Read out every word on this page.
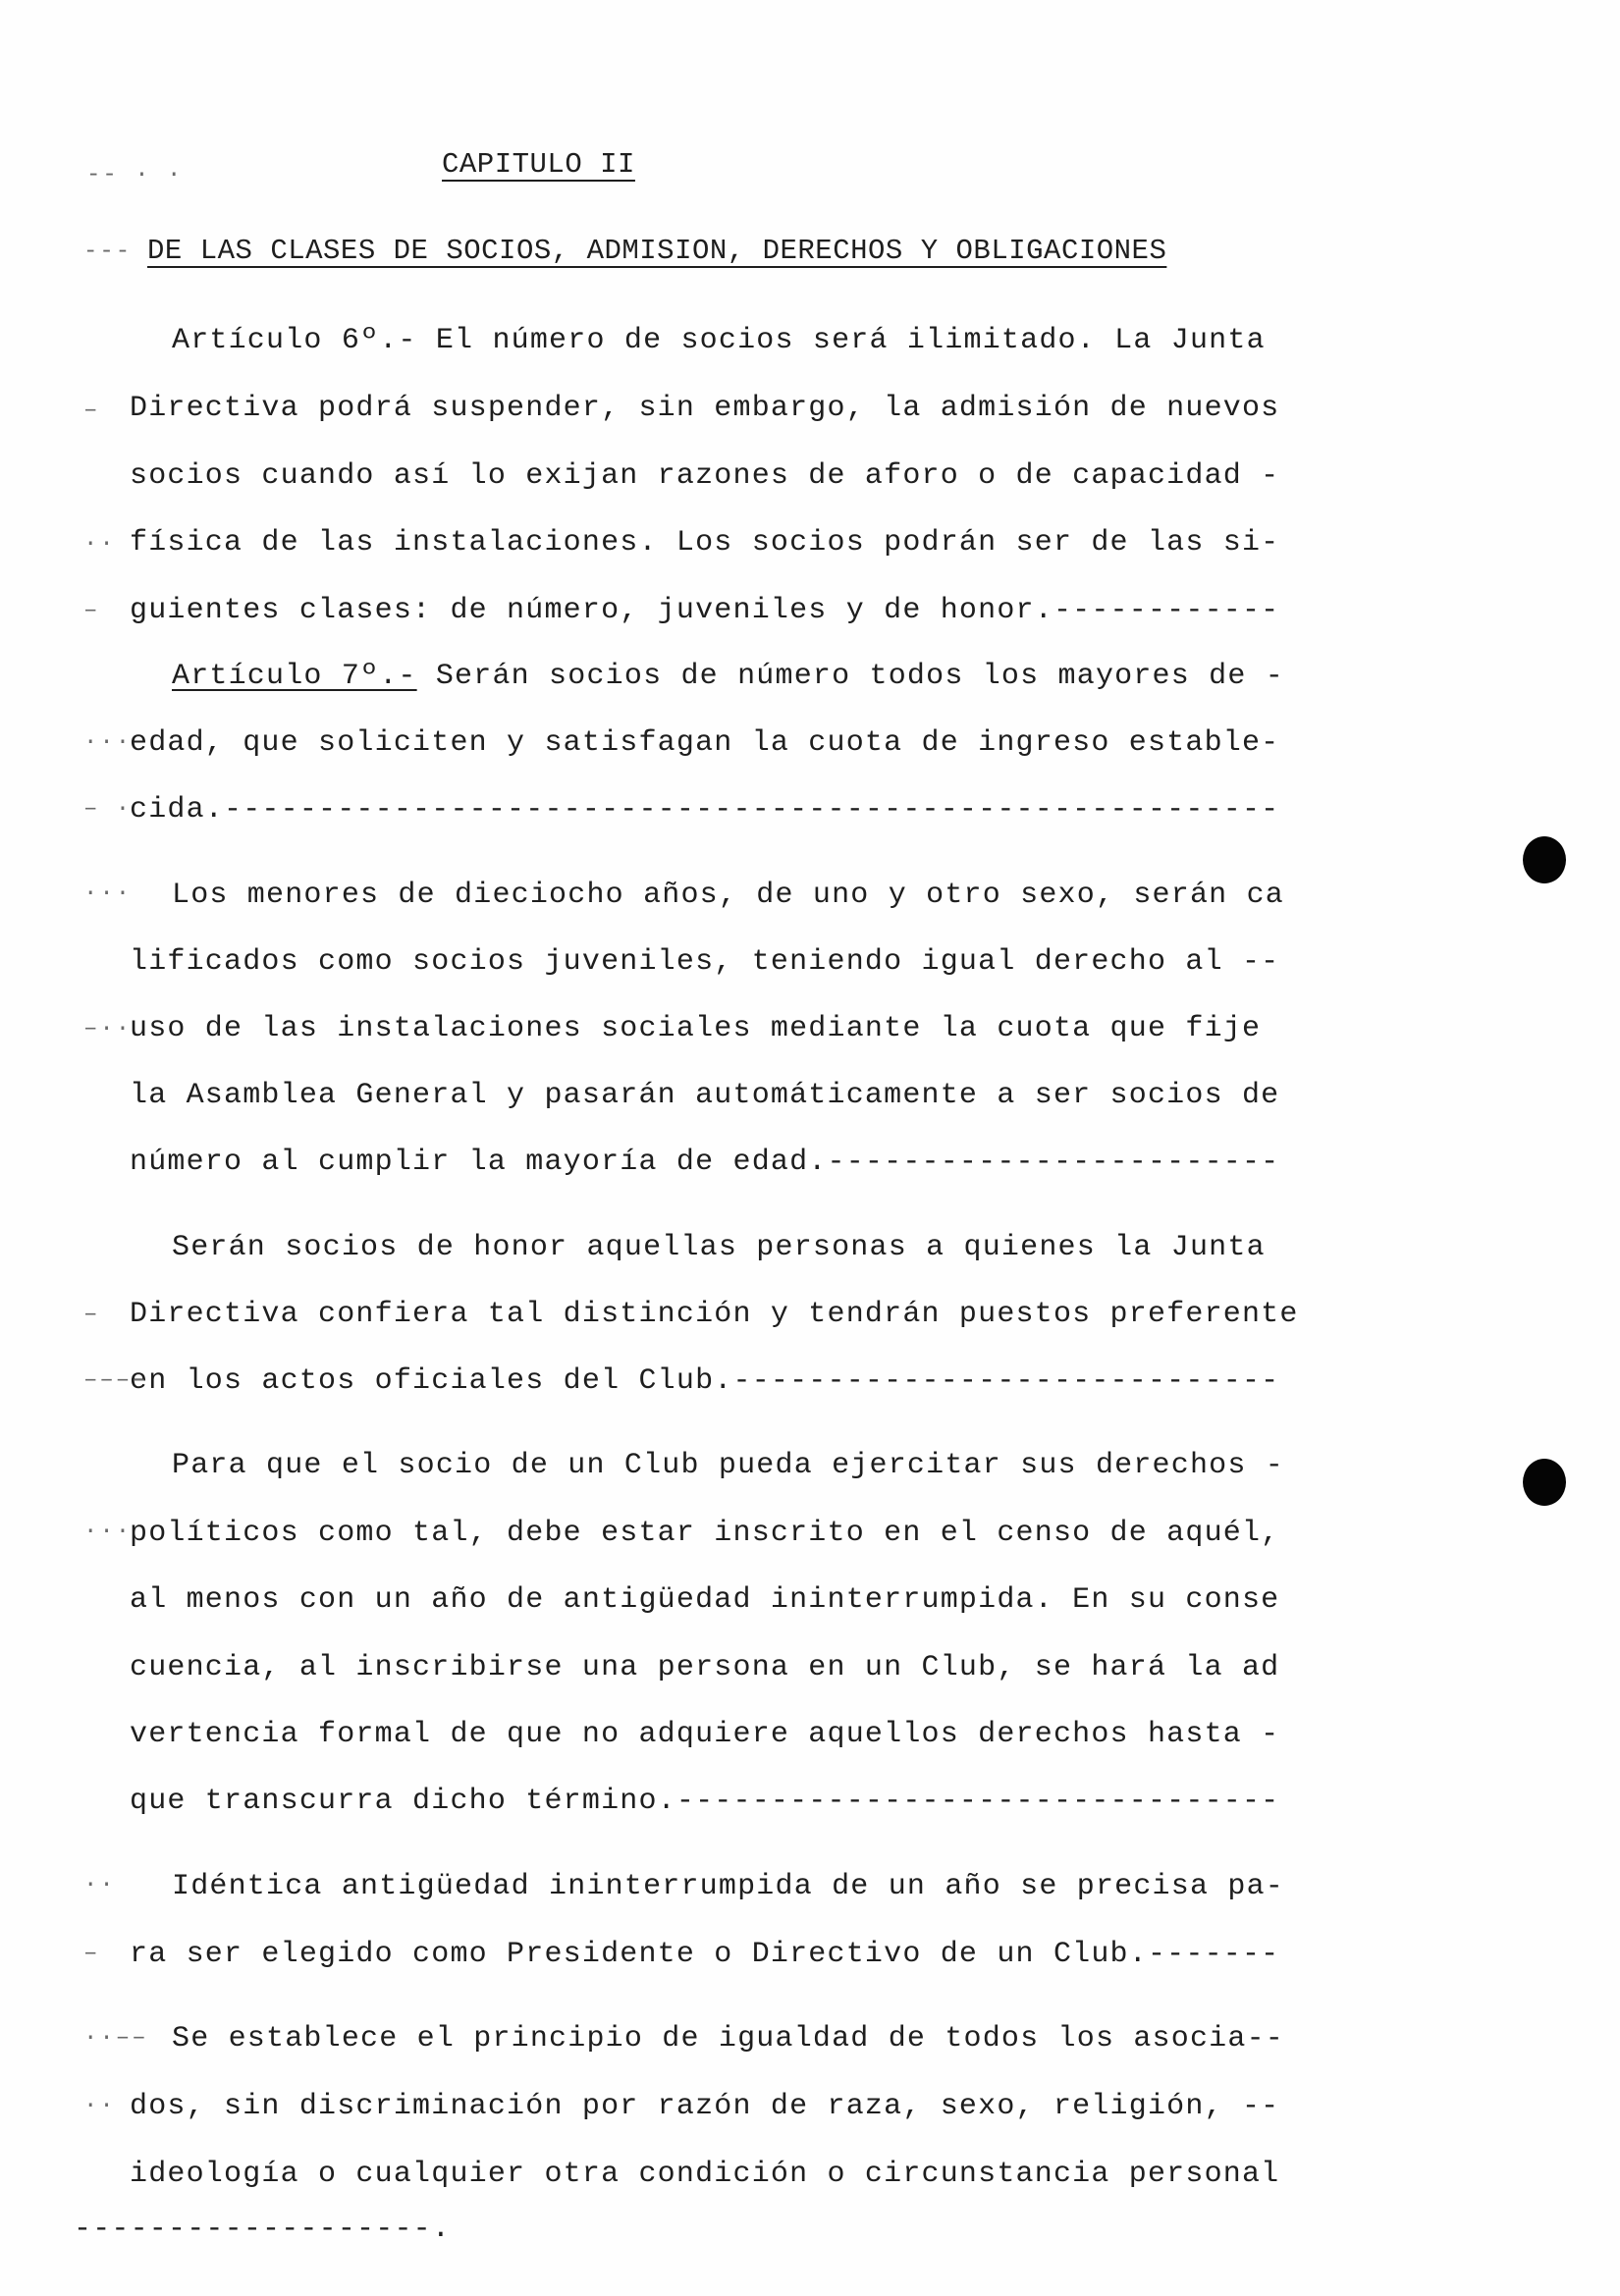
CAPITULO II
DE LAS CLASES DE SOCIOS, ADMISION, DERECHOS Y OBLIGACIONES
Artículo 6º.- El número de socios será ilimitado. La Junta
Directiva podrá suspender, sin embargo, la admisión de nuevos
socios cuando así lo exijan razones de aforo o de capacidad -
física de las instalaciones. Los socios podrán ser de las si-
guientes clases: de número, juveniles y de honor.------------
Artículo 7º.- Serán socios de número todos los mayores de -
edad, que soliciten y satisfagan la cuota de ingreso estable-
cida.--------------------------------------------------------
Los menores de dieciocho años, de uno y otro sexo, serán ca
lificados como socios juveniles, teniendo igual derecho al --
uso de las instalaciones sociales mediante la cuota que fije
la Asamblea General y pasarán automáticamente a ser socios de
número al cumplir la mayoría de edad.------------------------
Serán socios de honor aquellas personas a quienes la Junta
Directiva confiera tal distinción y tendrán puestos preferente
en los actos oficiales del Club.-----------------------------
Para que el socio de un Club pueda ejercitar sus derechos -
políticos como tal, debe estar inscrito en el censo de aquél,
al menos con un año de antigüedad ininterrumpida. En su conse
cuencia, al inscribirse una persona en un Club, se hará la ad
vertencia formal de que no adquiere aquellos derechos hasta -
que transcurra dicho término.--------------------------------
Idéntica antigüedad ininterrumpida de un año se precisa pa-
ra ser elegido como Presidente o Directivo de un Club.-------
Se establece el principio de igualdad de todos los asocia--
dos, sin discriminación por razón de raza, sexo, religión, --
ideología o cualquier otra condición o circunstancia personal
-------------------.
-- · ·
---
–
··
–
···
– ·
···
–··
–
––––
···
··
–
··––
··
